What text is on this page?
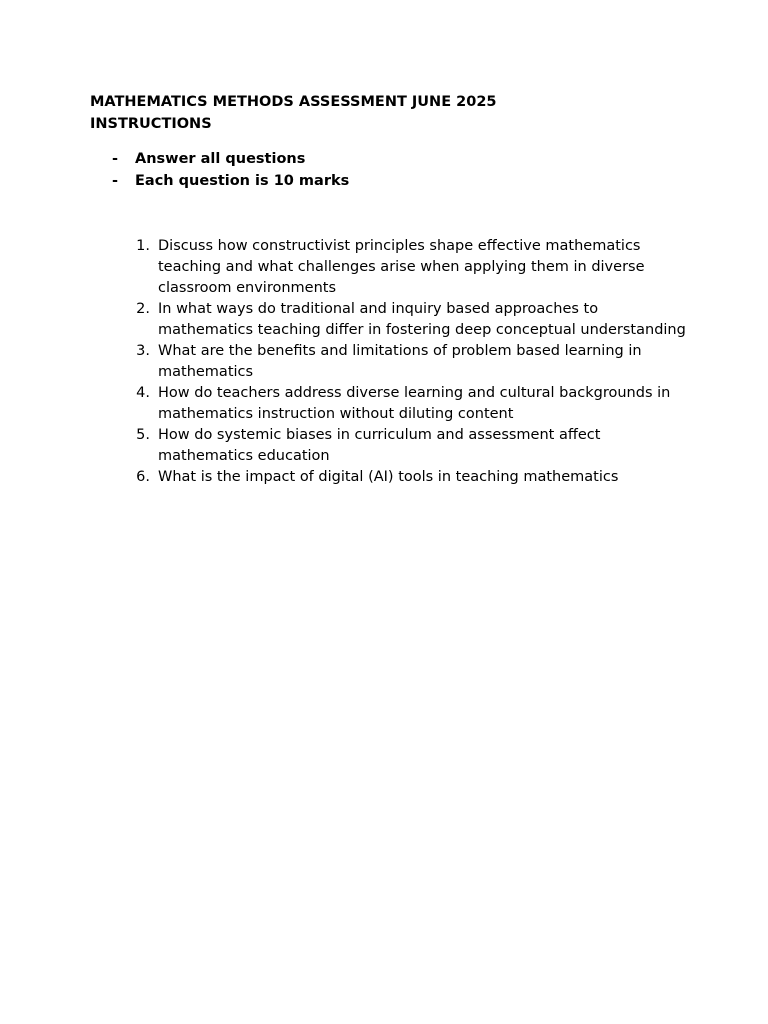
MATHEMATICS METHODS ASSESSMENT JUNE 2025

INSTRUCTIONS

-	Answer all questions
-	Each question is 10 marks
1. Discuss how constructivist principles shape effective mathematics teaching and what challenges arise when applying them in diverse classroom environments
2. In what ways do traditional and inquiry based approaches to mathematics teaching differ in fostering deep conceptual understanding
3. What are the benefits and limitations of problem based learning in mathematics
4. How do teachers address diverse learning and cultural backgrounds in mathematics instruction without diluting content
5. How do systemic biases in curriculum and assessment affect mathematics education
6. What is the impact of digital (AI) tools in teaching mathematics
